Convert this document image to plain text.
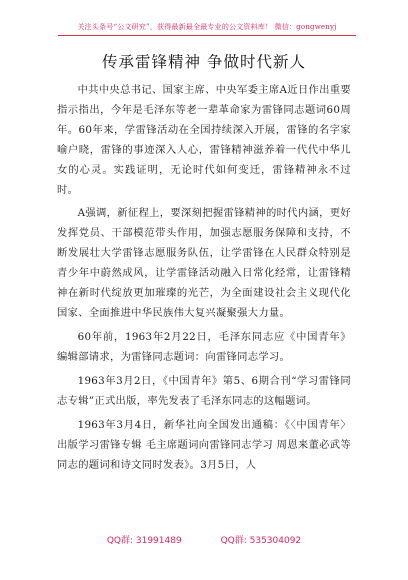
关注头条号“公文研究”，获得最新最全最专业的公文资料库！ 微信：gongwenyj
传承雷锋精神 争做时代新人

中共中央总书记、国家主席、中央军委主席A近日作出重要指示指出，今年是毛泽东等老一辈革命家为雷锋同志题词60周年。60年来，学雷锋活动在全国持续深入开展，雷锋的名字家喻户晓，雷锋的事迹深入人心，雷锋精神滋养着一代代中华儿女的心灵。实践证明，无论时代如何变迁，雷锋精神永不过时。

A强调，新征程上，要深刻把握雷锋精神的时代内涵，更好发挥党员、干部模范带头作用，加强志愿服务保障和支持，不断发展壮大学雷锋志愿服务队伍，让学雷锋在人民群众特别是青少年中蔚然成风，让学雷锋活动融入日常化经常，让雷锋精神在新时代绽放更加璀璨的光芒，为全面建设社会主义现代化国家、全面推进中华民族伟大复兴凝聚强大力量。

60年前，1963年2月22日，毛泽东同志应《中国青年》编辑部请求，为雷锋同志题词：向雷锋同志学习。

1963年3月2日，《中国青年》第5、6期合刊“学习雷锋同志专辑”正式出版，率先发表了毛泽东同志的这幅题词。

1963年3月4日，新华社向全国发出通稿：《〈中国青年〉出版学习雷锋专辑 毛主席题词向雷锋同志学习 周恩来董必武等同志的题词和诗文同时发表》。3月5日，人

QQ群: 31991489	QQ群: 535304092
